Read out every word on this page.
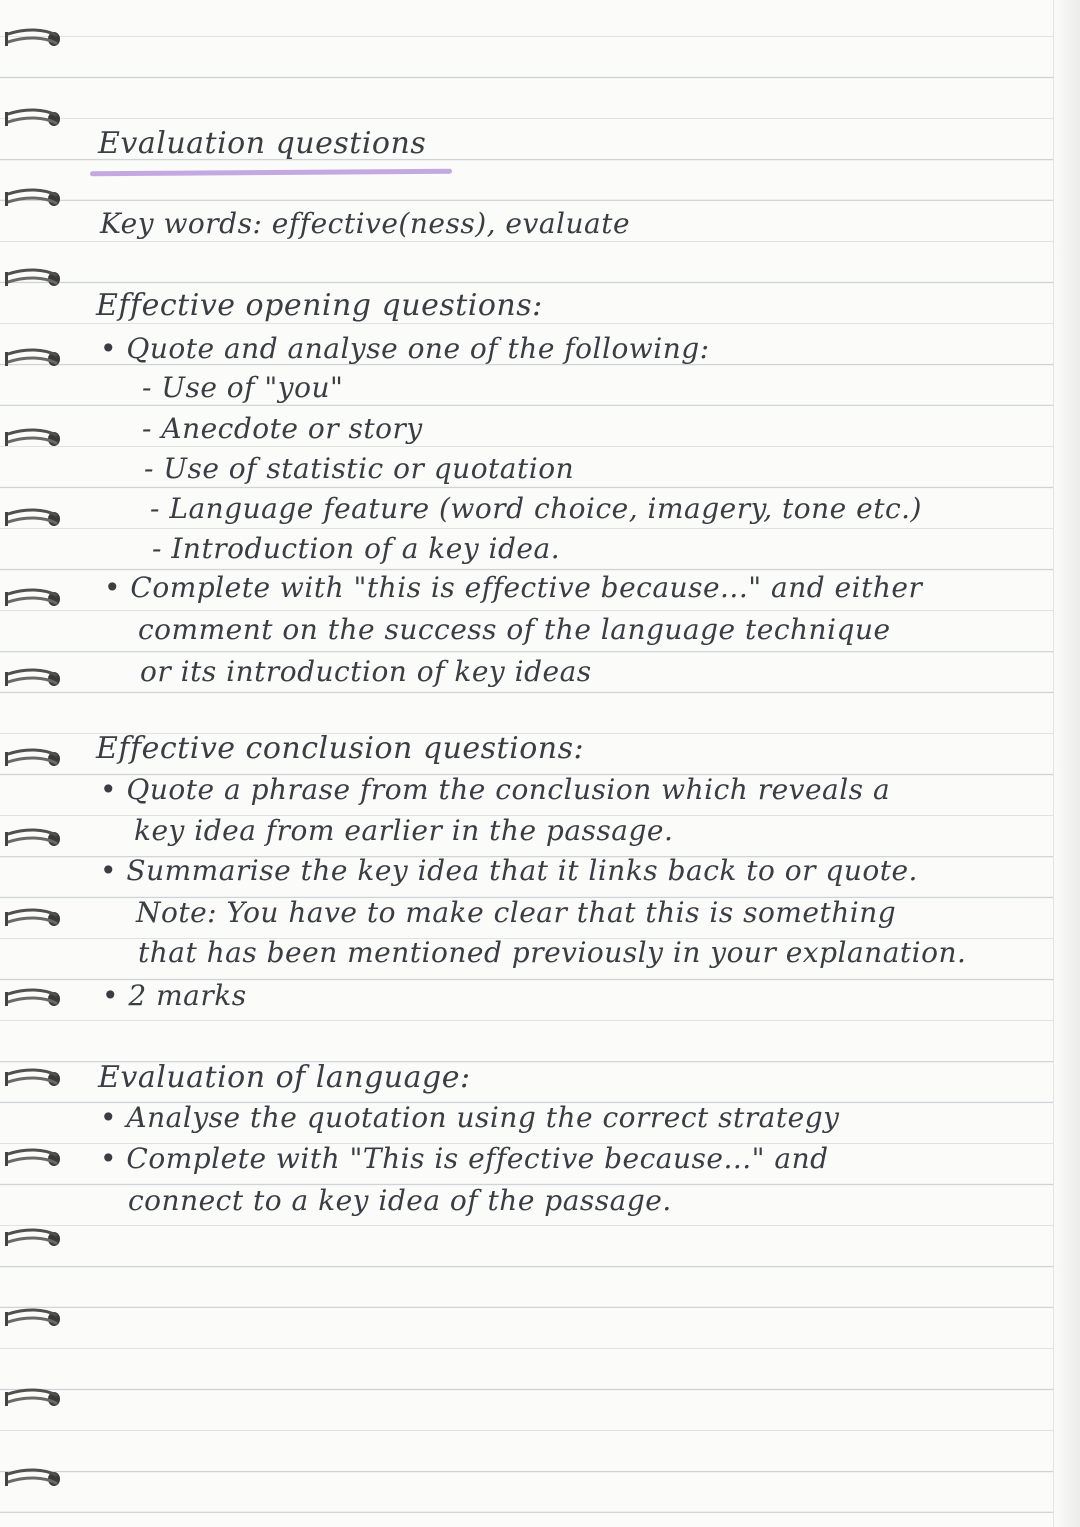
Evaluation questions
Key words: effective(ness), evaluate
Effective opening questions:
• Quote and analyse one of the following:
- Use of "you"
- Anecdote or story
- Use of statistic or quotation
- Language feature (word choice, imagery, tone etc.)
- Introduction of a key idea.
• Complete with "this is effective because..." and either
comment on the success of the language technique
or its introduction of key ideas
Effective conclusion questions:
• Quote a phrase from the conclusion which reveals a
key idea from earlier in the passage.
• Summarise the key idea that it links back to or quote.
Note: You have to make clear that this is something
that has been mentioned previously in your explanation.
• 2 marks
Evaluation of language:
• Analyse the quotation using the correct strategy
• Complete with "This is effective because..." and
connect to a key idea of the passage.
